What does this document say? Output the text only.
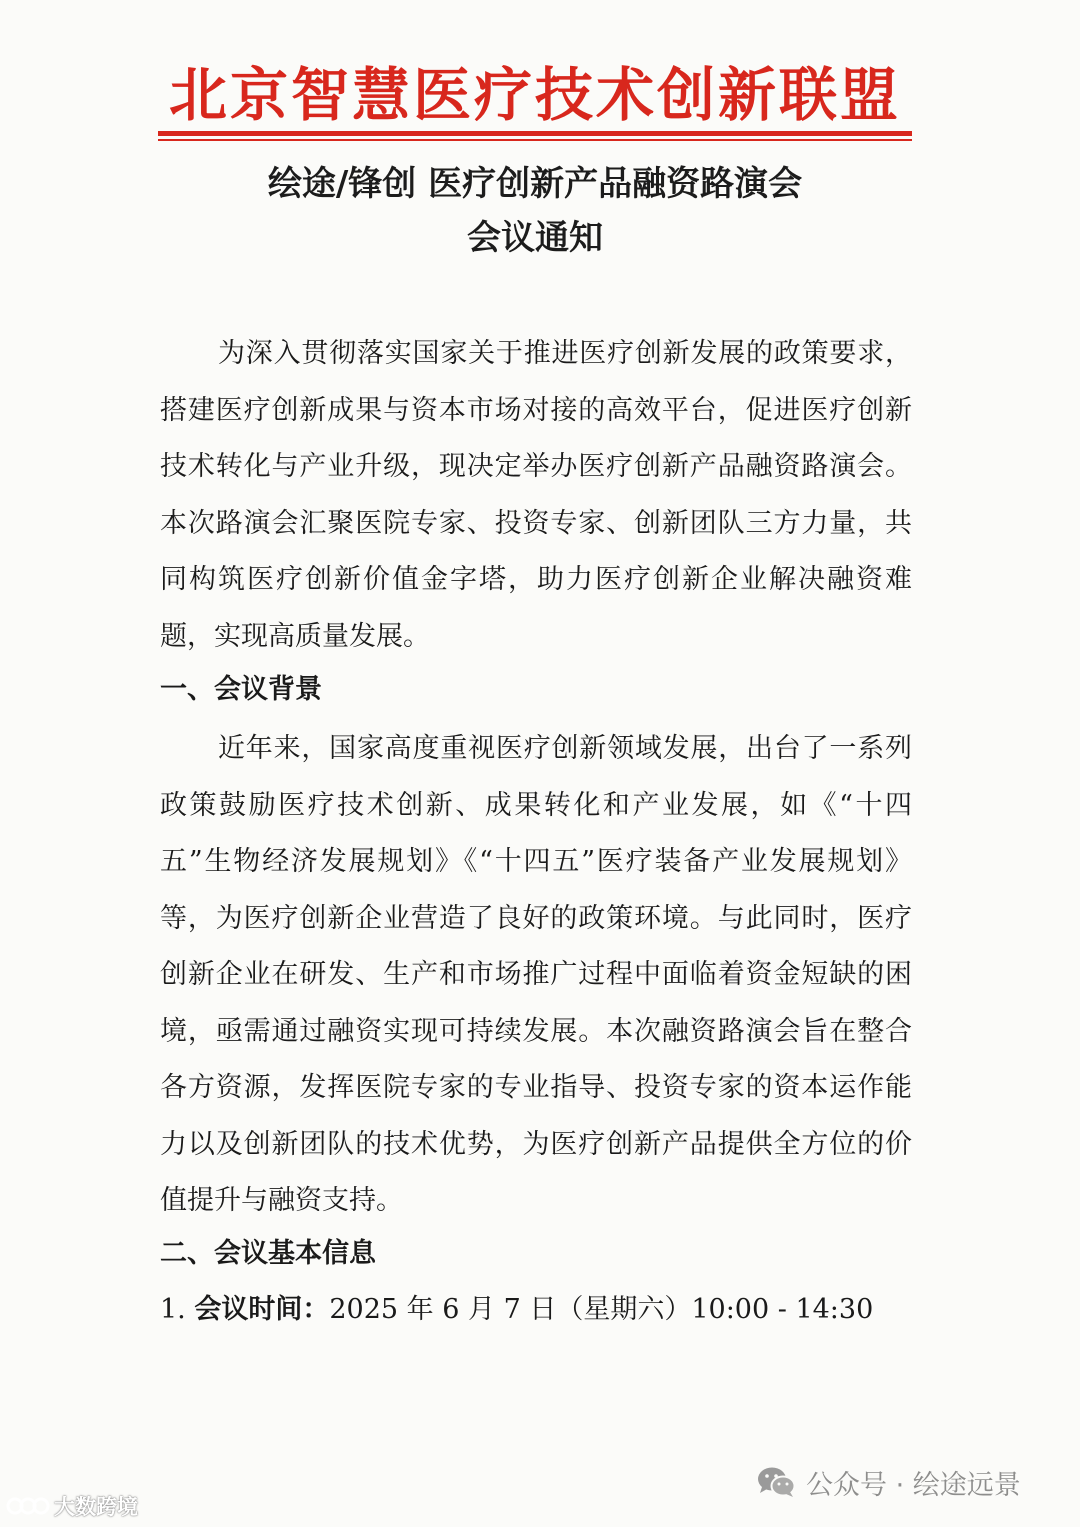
北京智慧医疗技术创新联盟
绘途/锋创 医疗创新产品融资路演会
会议通知

为深入贯彻落实国家关于推进医疗创新发展的政策要求，搭建医疗创新成果与资本市场对接的高效平台，促进医疗创新技术转化与产业升级，现决定举办医疗创新产品融资路演会。本次路演会汇聚医院专家、投资专家、创新团队三方力量，共同构筑医疗创新价值金字塔，助力医疗创新企业解决融资难题，实现高质量发展。

一、会议背景

近年来，国家高度重视医疗创新领域发展，出台了一系列政策鼓励医疗技术创新、成果转化和产业发展，如《“十四五”生物经济发展规划》《“十四五”医疗装备产业发展规划》等，为医疗创新企业营造了良好的政策环境。与此同时，医疗创新企业在研发、生产和市场推广过程中面临着资金短缺的困境，亟需通过融资实现可持续发展。本次融资路演会旨在整合各方资源，发挥医院专家的专业指导、投资专家的资本运作能力以及创新团队的技术优势，为医疗创新产品提供全方位的价值提升与融资支持。

二、会议基本信息
1. 会议时间：2025 年 6 月 7 日（星期六）10:00 - 14:30
公众号 · 绘途远景
大数跨境
